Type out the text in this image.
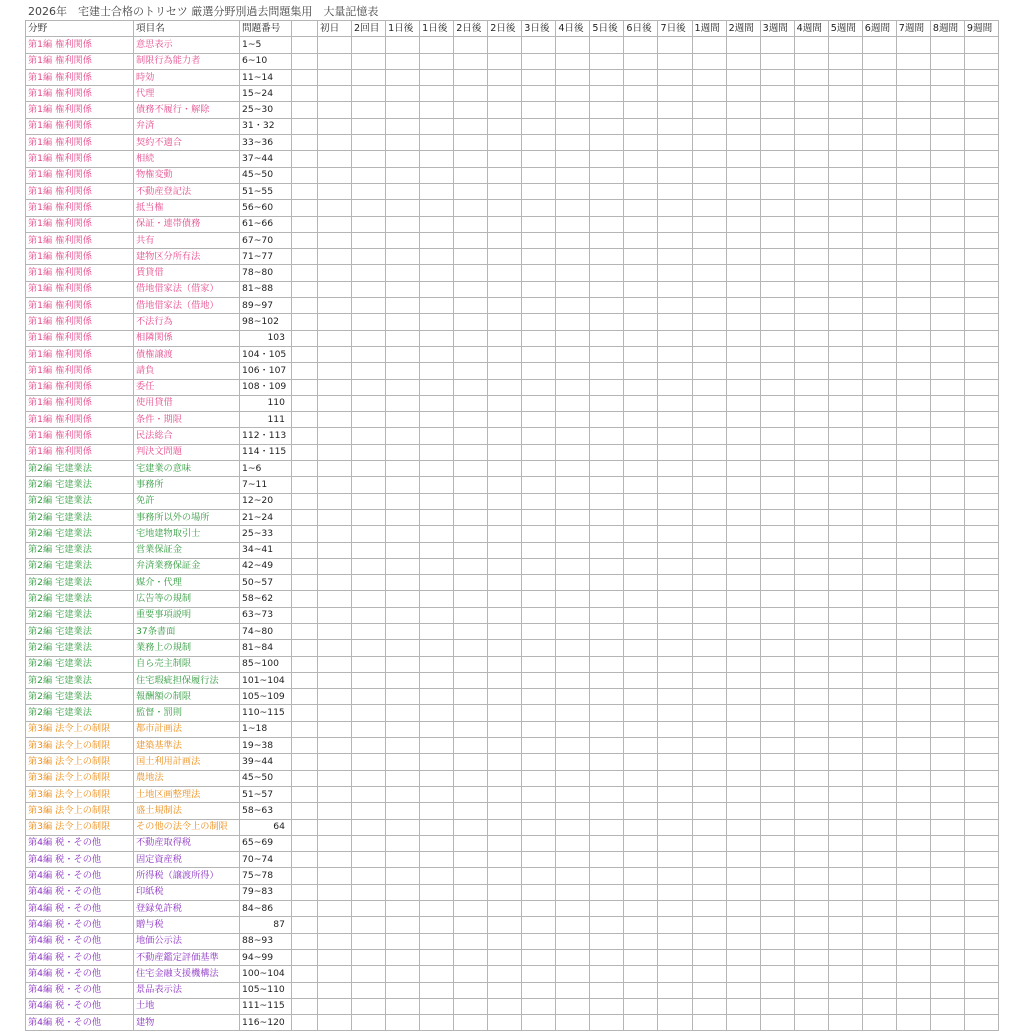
2026年　宅建士合格のトリセツ 厳選分野別過去問題集用　大量記憶表
分野	項目名	問題番号		初日	2回目	1日後	1日後	2日後	2日後	3日後	4日後	5日後	6日後	7日後	1週間	2週間	3週間	4週間	5週間	6週間	7週間	8週間	9週間
第1編 権利関係	意思表示	1~5																					
第1編 権利関係	制限行為能力者	6~10																					
第1編 権利関係	時効	11~14																					
第1編 権利関係	代理	15~24																					
第1編 権利関係	債務不履行・解除	25~30																					
第1編 権利関係	弁済	31・32																					
第1編 権利関係	契約不適合	33~36																					
第1編 権利関係	相続	37~44																					
第1編 権利関係	物権変動	45~50																					
第1編 権利関係	不動産登記法	51~55																					
第1編 権利関係	抵当権	56~60																					
第1編 権利関係	保証・連帯債務	61~66																					
第1編 権利関係	共有	67~70																					
第1編 権利関係	建物区分所有法	71~77																					
第1編 権利関係	賃貸借	78~80																					
第1編 権利関係	借地借家法（借家）	81~88																					
第1編 権利関係	借地借家法（借地）	89~97																					
第1編 権利関係	不法行為	98~102																					
第1編 権利関係	相隣関係	103																					
第1編 権利関係	債権譲渡	104・105																					
第1編 権利関係	請負	106・107																					
第1編 権利関係	委任	108・109																					
第1編 権利関係	使用貸借	110																					
第1編 権利関係	条件・期限	111																					
第1編 権利関係	民法総合	112・113																					
第1編 権利関係	判決文問題	114・115																					
第2編 宅建業法	宅建業の意味	1~6																					
第2編 宅建業法	事務所	7~11																					
第2編 宅建業法	免許	12~20																					
第2編 宅建業法	事務所以外の場所	21~24																					
第2編 宅建業法	宅地建物取引士	25~33																					
第2編 宅建業法	営業保証金	34~41																					
第2編 宅建業法	弁済業務保証金	42~49																					
第2編 宅建業法	媒介・代理	50~57																					
第2編 宅建業法	広告等の規制	58~62																					
第2編 宅建業法	重要事項説明	63~73																					
第2編 宅建業法	37条書面	74~80																					
第2編 宅建業法	業務上の規制	81~84																					
第2編 宅建業法	自ら売主制限	85~100																					
第2編 宅建業法	住宅瑕疵担保履行法	101~104																					
第2編 宅建業法	報酬額の制限	105~109																					
第2編 宅建業法	監督・罰則	110~115																					
第3編 法令上の制限	都市計画法	1~18																					
第3編 法令上の制限	建築基準法	19~38																					
第3編 法令上の制限	国土利用計画法	39~44																					
第3編 法令上の制限	農地法	45~50																					
第3編 法令上の制限	土地区画整理法	51~57																					
第3編 法令上の制限	盛土規制法	58~63																					
第3編 法令上の制限	その他の法令上の制限	64																					
第4編 税・その他	不動産取得税	65~69																					
第4編 税・その他	固定資産税	70~74																					
第4編 税・その他	所得税（譲渡所得）	75~78																					
第4編 税・その他	印紙税	79~83																					
第4編 税・その他	登録免許税	84~86																					
第4編 税・その他	贈与税	87																					
第4編 税・その他	地価公示法	88~93																					
第4編 税・その他	不動産鑑定評価基準	94~99																					
第4編 税・その他	住宅金融支援機構法	100~104																					
第4編 税・その他	景品表示法	105~110																					
第4編 税・その他	土地	111~115																					
第4編 税・その他	建物	116~120																					
